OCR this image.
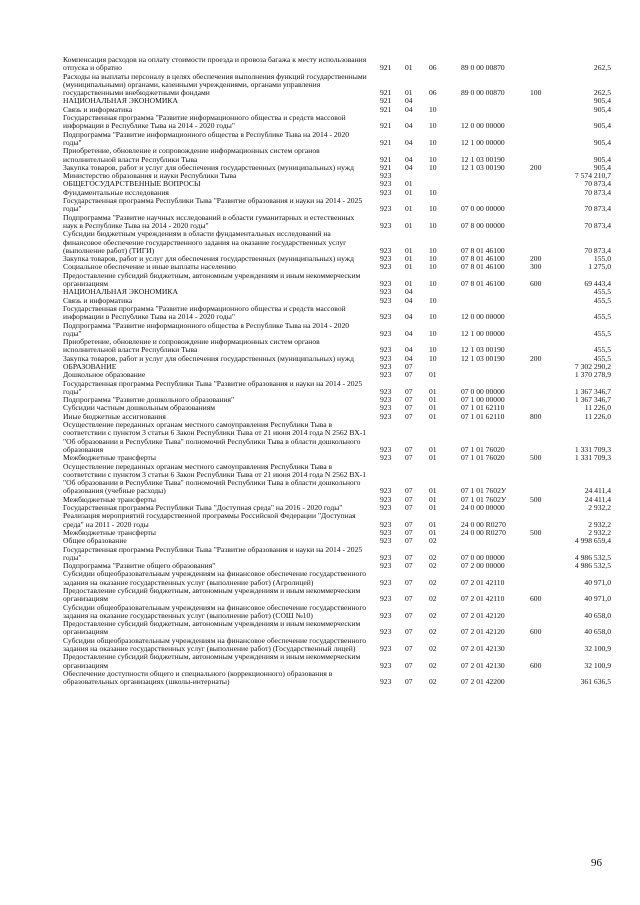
Компенсация расходов на оплату стоимости проезда и провоза багажа к месту использования отпуска и обратно	921 01 06	89 0 00 00870	262,5
Расходы на выплаты персоналу в целях обеспечения выполнения функций государственными (муниципальными) органами, казенными учреждениями, органами управления государственными внебюджетными фондами	921 01 06	89 0 00 00870	100	262,5
НАЦИОНАЛЬНАЯ ЭКОНОМИКА	921 04	905,4
Связь и информатика	921 04 10	905,4
Государственная программа "Развитие информационного общества и средств массовой информации в Республике Тыва на 2014 - 2020 годы"	921 04 10	12 0 00 00000	905,4
Подпрограмма "Развитие информационного общества в Республике Тыва на 2014 - 2020 годы"	921 04 10	12 1 00 00000	905,4
Приобретение, обновление и сопровождение информационных систем органов исполнительной власти Республики Тыва	921 04 10	12 1 03 00190	905,4
Закупка товаров, работ и услуг для обеспечения государственных (муниципальных) нужд	921 04 10	12 1 03 00190	200	905,4
Министерство образования и науки Республики Тыва	923	7 574 210,7
ОБЩЕГОСУДАРСТВЕННЫЕ ВОПРОСЫ	923 01	70 873,4
Фундаментальные исследования	923 01 10	70 873,4
Государственная программа Республики Тыва "Развитие образования и науки на 2014 - 2025 годы"	923 01 10	07 0 00 00000	70 873,4
Подпрограмма "Развитие научных исследований в области гуманитарных и естественных наук в Республике Тыва на 2014 - 2020 годы"	923 01 10	07 8 00 00000	70 873,4
Субсидии бюджетным учреждениям в области фундаментальных исследований на финансовое обеспечение государственного задания на оказание государственных услуг (выполнение работ) (ТИГИ)	923 01 10	07 8 01 46100	70 873,4
Закупка товаров, работ и услуг для обеспечения государственных (муниципальных) нужд	923 01 10	07 8 01 46100	200	155,0
Социальное обеспечение и иные выплаты населению	923 01 10	07 8 01 46100	300	1 275,0
Предоставление субсидий бюджетным, автономным учреждениям и иным некоммерческим организациям	923 01 10	07 8 01 46100	600	69 443,4
НАЦИОНАЛЬНАЯ ЭКОНОМИКА	923 04	455,5
Связь и информатика	923 04 10	455,5
Государственная программа "Развитие информационного общества и средств массовой информации в Республике Тыва на 2014 - 2020 годы"	923 04 10	12 0 00 00000	455,5
Подпрограмма "Развитие информационного общества в Республике Тыва на 2014 - 2020 годы"	923 04 10	12 1 00 00000	455,5
Приобретение, обновление и сопровождение информационных систем органов исполнительной власти Республики Тыва	923 04 10	12 1 03 00190	455,5
Закупка товаров, работ и услуг для обеспечения государственных (муниципальных) нужд	923 04 10	12 1 03 00190	200	455,5
ОБРАЗОВАНИЕ	923 07	7 302 290,2
Дошкольное образование	923 07 01	1 370 278,9
Государственная программа Республики Тыва "Развитие образования и науки на 2014 - 2025 годы"	923 07 01	07 0 00 00000	1 367 346,7
Подпрограмма "Развитие дошкольного образования"	923 07 01	07 1 00 00000	1 367 346,7
Субсидии частным дошкольным образованиям	923 07 01	07 1 01 62110	11 226,0
Иные бюджетные ассигнования	923 07 01	07 1 01 62110	800	11 226,0
Осуществление переданных органам местного самоуправления Республики Тыва в соответствии с пунктом 3 статьи 6 Закон Республики Тыва от 21 июня 2014 года N 2562 ВХ-1 "Об образовании в Республике Тыва" полномочий Республики Тыва в области дошкольного образования	923 07 01	07 1 01 76020	1 331 709,3
Межбюджетные трансферты	923 07 01	07 1 01 76020	500	1 331 709,3
Осуществление переданных органам местного самоуправления Республики Тыва в соответствии с пунктом 3 статьи 6 Закон Республики Тыва от 21 июня 2014 года N 2562 ВХ-1 "Об образовании в Республике Тыва" полномочий Республики Тыва в области дошкольного образования (учебные расходы)	923 07 01	07 1 01 7602У	24 411,4
Межбюджетные трансферты	923 07 01	07 1 01 7602У	500	24 411,4
Государственная программа Республики Тыва "Доступная среда" на 2016 - 2020 годы"	923 07 01	24 0 00 00000	2 932,2
Реализация мероприятий государственной программы Российской Федерации "Доступная среда" на 2011 - 2020 годы	923 07 01	24 0 00 R0270	2 932,2
Межбюджетные трансферты	923 07 01	24 0 00 R0270	500	2 932,2
Общее образование	923 07 02	4 998 659,4
Государственная программа Республики Тыва "Развитие образования и науки на 2014 - 2025 годы"	923 07 02	07 0 00 00000	4 986 532,5
Подпрограмма "Развитие общего образования"	923 07 02	07 2 00 00000	4 986 532,5
Субсидии общеобразовательным учреждениям на финансовое обеспечение государственного задания на оказание государственных услуг (выполнение работ) (Агролицей)	923 07 02	07 2 01 42110	40 971,0
Предоставление субсидий бюджетным, автономным учреждениям и иным некоммерческим организациям	923 07 02	07 2 01 42110	600	40 971,0
Субсидии общеобразовательным учреждениям на финансовое обеспечение государственного задания на оказание государственных услуг (выполнение работ) (СОШ №10)	923 07 02	07 2 01 42120	40 658,0
Предоставление субсидий бюджетным, автономным учреждениям и иным некоммерческим организациям	923 07 02	07 2 01 42120	600	40 658,0
Субсидии общеобразовательным учреждениям на финансовое обеспечение государственного задания на оказание государственных услуг (выполнение работ) (Государственный лицей)	923 07 02	07 2 01 42130	32 100,9
Предоставление субсидий бюджетным, автономным учреждениям и иным некоммерческим организациям	923 07 02	07 2 01 42130	600	32 100,9
Обеспечение доступности общего и специального (коррекционного) образования в образовательных организациях (школы-интернаты)	923 07 02	07 2 01 42200	361 636,5
96
